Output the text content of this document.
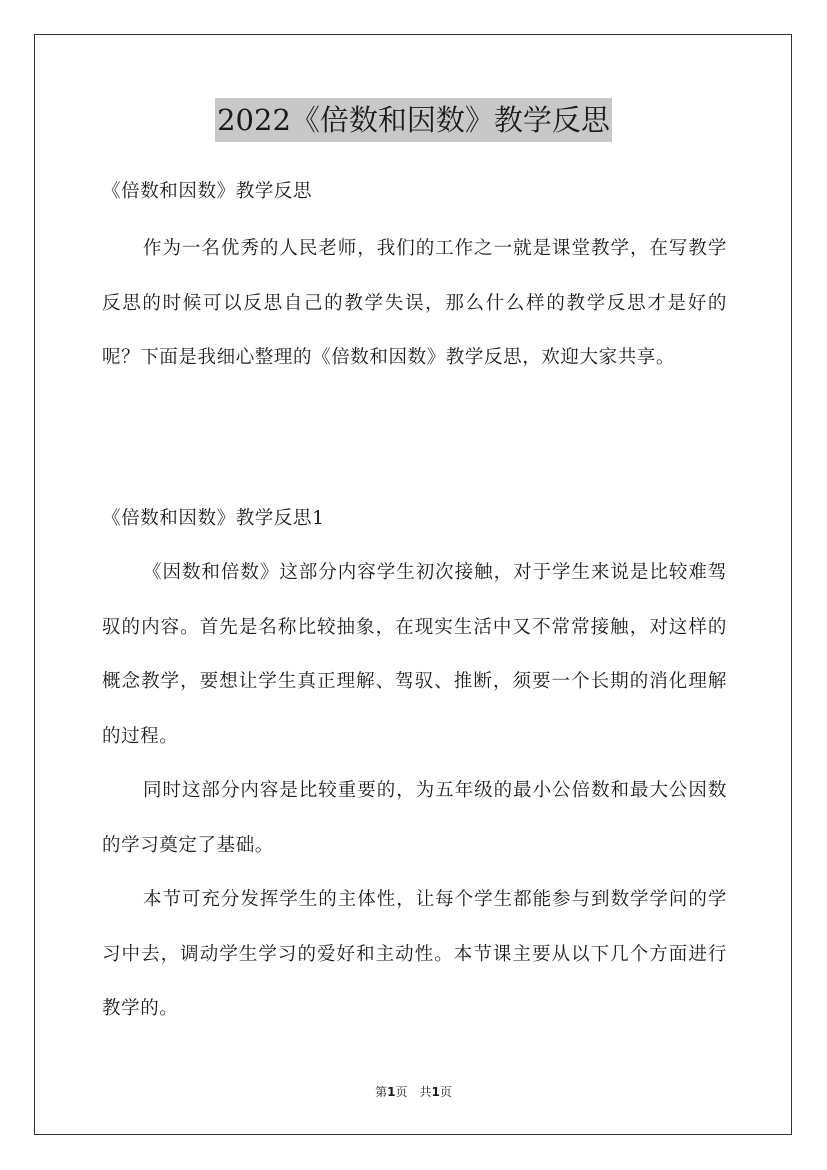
2022《倍数和因数》教学反思
《倍数和因数》教学反思

作为一名优秀的人民老师，我们的工作之一就是课堂教学，在写教学反思的时候可以反思自己的教学失误，那么什么样的教学反思才是好的呢？下面是我细心整理的《倍数和因数》教学反思，欢迎大家共享。

《倍数和因数》教学反思1

《因数和倍数》这部分内容学生初次接触，对于学生来说是比较难驾驭的内容。首先是名称比较抽象，在现实生活中又不常常接触，对这样的概念教学，要想让学生真正理解、驾驭、推断，须要一个长期的消化理解的过程。

同时这部分内容是比较重要的，为五年级的最小公倍数和最大公因数的学习奠定了基础。

本节可充分发挥学生的主体性，让每个学生都能参与到数学学问的学习中去，调动学生学习的爱好和主动性。本节课主要从以下几个方面进行教学的。

第1页　共1页
